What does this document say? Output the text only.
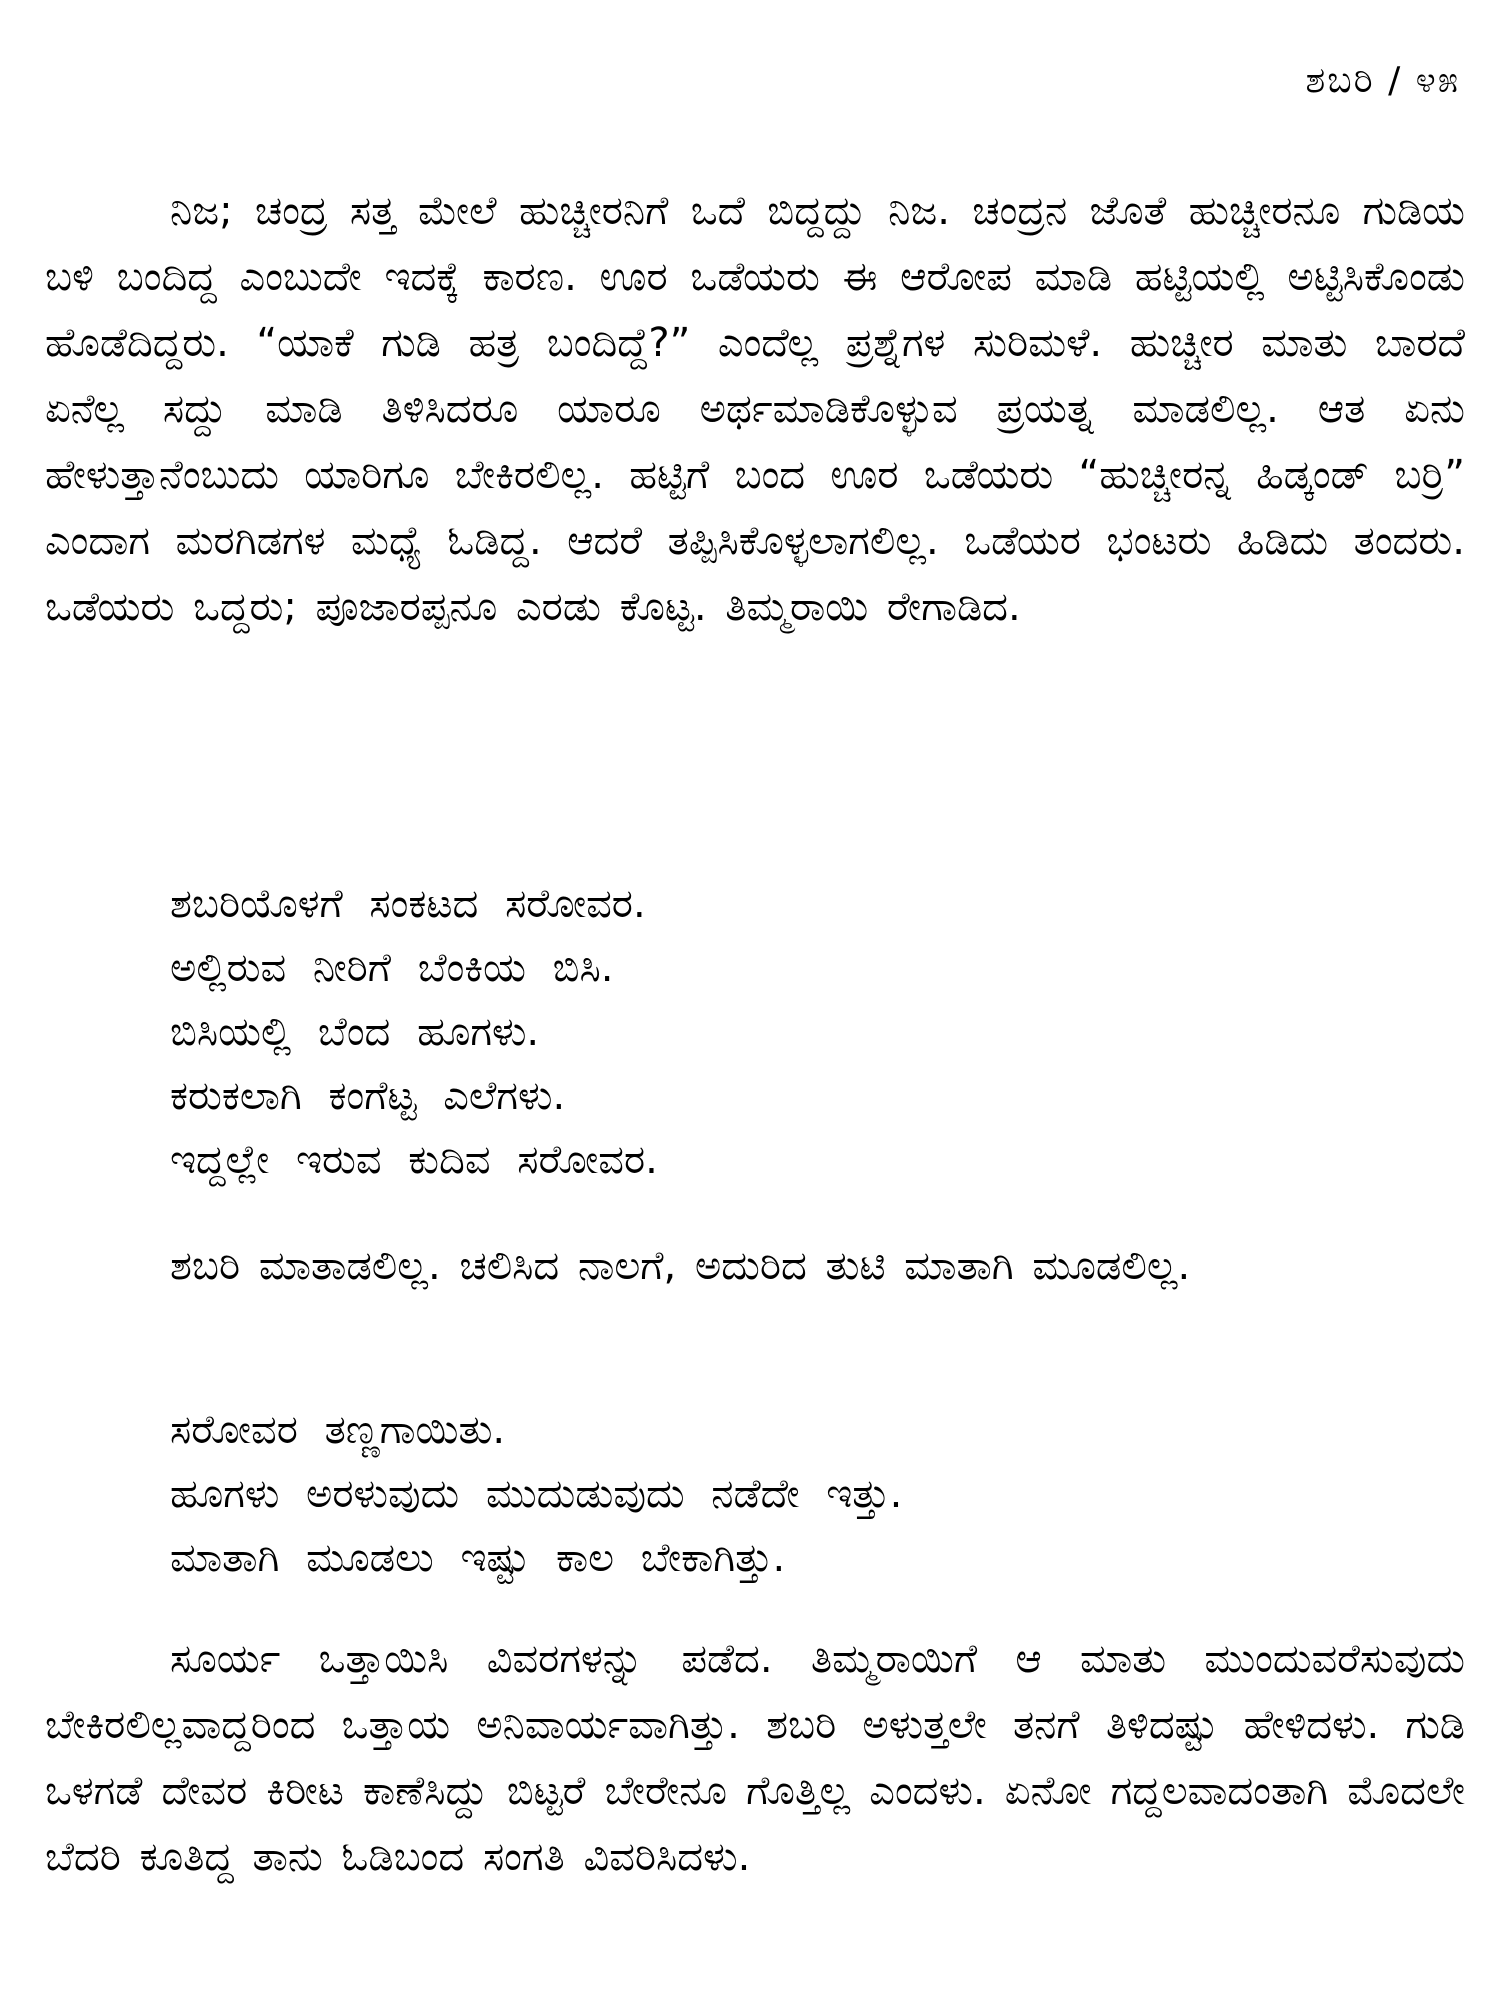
ಶಬರಿ / ೪೫

ನಿಜ; ಚಂದ್ರ ಸತ್ತ ಮೇಲೆ ಹುಚ್ಚೀರನಿಗೆ ಒದೆ ಬಿದ್ದದ್ದು ನಿಜ. ಚಂದ್ರನ ಜೊತೆ ಹುಚ್ಚೀರನೂ ಗುಡಿಯ ಬಳಿ ಬಂದಿದ್ದ ಎಂಬುದೇ ಇದಕ್ಕೆ ಕಾರಣ. ಊರ ಒಡೆಯರು ಈ ಆರೋಪ ಮಾಡಿ ಹಟ್ಟಿಯಲ್ಲಿ ಅಟ್ಟಿಸಿಕೊಂಡು ಹೊಡೆದಿದ್ದರು. “ಯಾಕೆ ಗುಡಿ ಹತ್ರ ಬಂದಿದ್ದೆ?” ಎಂದೆಲ್ಲ ಪ್ರಶ್ನೆಗಳ ಸುರಿಮಳೆ. ಹುಚ್ಚೀರ ಮಾತು ಬಾರದೆ ಏನೆಲ್ಲ ಸದ್ದು ಮಾಡಿ ತಿಳಿಸಿದರೂ ಯಾರೂ ಅರ್ಥಮಾಡಿಕೊಳ್ಳುವ ಪ್ರಯತ್ನ ಮಾಡಲಿಲ್ಲ. ಆತ ಏನು ಹೇಳುತ್ತಾನೆಂಬುದು ಯಾರಿಗೂ ಬೇಕಿರಲಿಲ್ಲ. ಹಟ್ಟಿಗೆ ಬಂದ ಊರ ಒಡೆಯರು “ಹುಚ್ಚೀರನ್ನ ಹಿಡ್ಕಂಡ್ ಬರ್ರಿ” ಎಂದಾಗ ಮರಗಿಡಗಳ ಮಧ್ಯೆ ಓಡಿದ್ದ. ಆದರೆ ತಪ್ಪಿಸಿಕೊಳ್ಳಲಾಗಲಿಲ್ಲ. ಒಡೆಯರ ಭಂಟರು ಹಿಡಿದು ತಂದರು. ಒಡೆಯರು ಒದ್ದರು; ಪೂಜಾರಪ್ಪನೂ ಎರಡು ಕೊಟ್ಟ. ತಿಮ್ಮರಾಯಿ ರೇಗಾಡಿದ.

ಶಬರಿಯೊಳಗೆ ಸಂಕಟದ ಸರೋವರ.
ಅಲ್ಲಿರುವ ನೀರಿಗೆ ಬೆಂಕಿಯ ಬಿಸಿ.
ಬಿಸಿಯಲ್ಲಿ ಬೆಂದ ಹೂಗಳು.
ಕರುಕಲಾಗಿ ಕಂಗೆಟ್ಟ ಎಲೆಗಳು.
ಇದ್ದಲ್ಲೇ ಇರುವ ಕುದಿವ ಸರೋವರ.

ಶಬರಿ ಮಾತಾಡಲಿಲ್ಲ. ಚಲಿಸಿದ ನಾಲಗೆ, ಅದುರಿದ ತುಟಿ ಮಾತಾಗಿ ಮೂಡಲಿಲ್ಲ.

ಸರೋವರ ತಣ್ಣಗಾಯಿತು.
ಹೂಗಳು ಅರಳುವುದು ಮುದುಡುವುದು ನಡೆದೇ ಇತ್ತು.
ಮಾತಾಗಿ ಮೂಡಲು ಇಷ್ಟು ಕಾಲ ಬೇಕಾಗಿತ್ತು.

ಸೂರ್ಯ ಒತ್ತಾಯಿಸಿ ವಿವರಗಳನ್ನು ಪಡೆದ. ತಿಮ್ಮರಾಯಿಗೆ ಆ ಮಾತು ಮುಂದುವರೆಸುವುದು ಬೇಕಿರಲಿಲ್ಲವಾದ್ದರಿಂದ ಒತ್ತಾಯ ಅನಿವಾರ್ಯವಾಗಿತ್ತು. ಶಬರಿ ಅಳುತ್ತಲೇ ತನಗೆ ತಿಳಿದಷ್ಟು ಹೇಳಿದಳು. ಗುಡಿ ಒಳಗಡೆ ದೇವರ ಕಿರೀಟ ಕಾಣೆಸಿದ್ದು ಬಿಟ್ಟರೆ ಬೇರೇನೂ ಗೊತ್ತಿಲ್ಲ ಎಂದಳು. ಏನೋ ಗದ್ದಲವಾದಂತಾಗಿ ಮೊದಲೇ ಬೆದರಿ ಕೂತಿದ್ದ ತಾನು ಓಡಿಬಂದ ಸಂಗತಿ ವಿವರಿಸಿದಳು.
